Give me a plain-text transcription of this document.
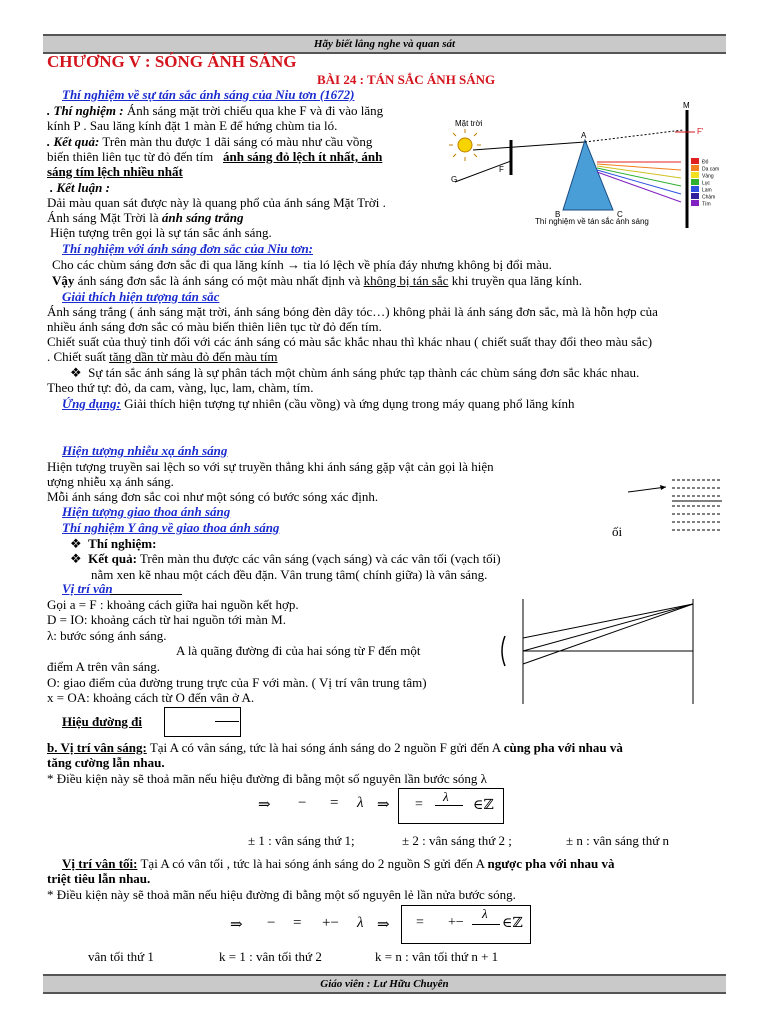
Hãy biết lắng nghe và quan sát
Giáo viên : Lư Hữu Chuyên
CHƯƠNG V : SÓNG ÁNH SÁNG
BÀI 24 : TÁN SẮC ÁNH SÁNG
Thí nghiệm về sự tán sắc ánh sáng của Niu tơn (1672)
. Thí nghiệm : Ánh sáng mặt trời chiếu qua khe F và đi vào lăng
kính P . Sau lăng kính đặt 1 màn E để hứng chùm tia ló.
. Kết quả: Trên màn thu được 1 dãi sáng có màu như cầu vồng
biến thiên liên tục từ đỏ đến tím ánh sáng đỏ lệch ít nhất, ánh
sáng tím lệch nhiều nhất
. Kết luận :
Dải màu quan sát được này là quang phổ của ánh sáng Mặt Trời .
Ánh sáng Mặt Trời là ánh sáng trắng
Hiện tượng trên gọi là sự tán sắc ánh sáng.
Mặt trời
F
G
A
B	C
M
F'
Đỏ
Da cam
Vàng
Lục
Lam
Chàm
Tím
Thí nghiệm về tán sắc ánh sáng
Thí nghiệm với ánh sáng đơn sắc của Niu tơn:
Cho các chùm sáng đơn sắc đi qua lăng kính → tia ló lệch về phía đáy nhưng không bị đổi màu.
Vậy ánh sáng đơn sắc là ánh sáng có một màu nhất định và không bị tán sắc khi truyền qua lăng kính.
Giải thích hiện tượng tán sắc
Ánh sáng trắng ( ánh sáng mặt trời, ánh sáng bóng đèn dây tóc…) không phải là ánh sáng đơn sắc, mà là hỗn hợp của
nhiều ánh sáng đơn sắc có màu biến thiên liên tục từ đỏ đến tím.
Chiết suất của thuỷ tinh đối với các ánh sáng có màu sắc khắc nhau thì khác nhau ( chiết suất thay đổi theo màu sắc)
. Chiết suất tăng dần từ màu đỏ đến màu tím
❖  Sự tán sắc ánh sáng là sự phân tách một chùm ánh sáng phức tạp thành các chùm sáng đơn sắc khác nhau.
Theo thứ tự: đỏ, da cam, vàng, lục, lam, chàm, tím.
Ứng dụng: Giải thích hiện tượng tự nhiên (cầu vồng) và ứng dụng trong máy quang phổ lăng kính
Hiện tượng nhiễu xạ ánh sáng
Hiện tượng truyền sai lệch so với sự truyền thẳng khi ánh sáng gặp vật cản gọi là hiện
ượng nhiễu xạ ánh sáng.
Mỗi ánh sáng đơn sắc coi như một sóng có bước sóng xác định.
Hiện tượng giao thoa ánh sáng
Thí nghiệm Y âng về giao thoa ánh sáng
❖  Thí nghiệm:
❖  Kết quả: Trên màn thu được các vân sáng (vạch sáng) và các vân tối (vạch tối)
nằm xen kẽ nhau một cách đều đặn. Vân trung tâm( chính giữa) là vân sáng.
ối
Vị trí vân
Gọi a = F : khoảng cách giữa hai nguồn kết hợp.
D = IO: khoảng cách từ hai nguồn tới màn M.
λ: bước sóng ánh sáng.
A là quãng đường đi của hai sóng từ F đến một
điểm A trên vân sáng.
O: giao điểm của đường trung trực của F với màn. ( Vị trí vân trung tâm)
x = OA: khoảng cách từ O đến vân ở A.
Hiệu đường đi
b. Vị trí vân sáng: Tại A có vân sáng, tức là hai sóng ánh sáng do 2 nguồn F gửi đến A cùng pha với nhau và
tăng cường lẫn nhau.
* Điều kiện này sẽ thoả mãn nếu hiệu đường đi bằng một số nguyên lần bước sóng λ
⇒ − = λ ⇒ =
λ
∈ℤ
± 1 : vân sáng thứ 1;	± 2 : vân sáng thứ 2 ;	± n : vân sáng thứ n
Vị trí vân tối: Tại A có vân tối , tức là hai sóng ánh sáng do 2 nguồn S gửi đến A ngược pha với nhau và
triệt tiêu lẫn nhau.
* Điều kiện này sẽ thoả mãn nếu hiệu đường đi bằng một số nguyên lẻ lần nửa bước sóng.
⇒ − = +− λ ⇒ = +−
λ
∈ℤ
vân tối thứ 1	k = 1 : vân tối thứ 2	k = n : vân tối thứ n + 1
